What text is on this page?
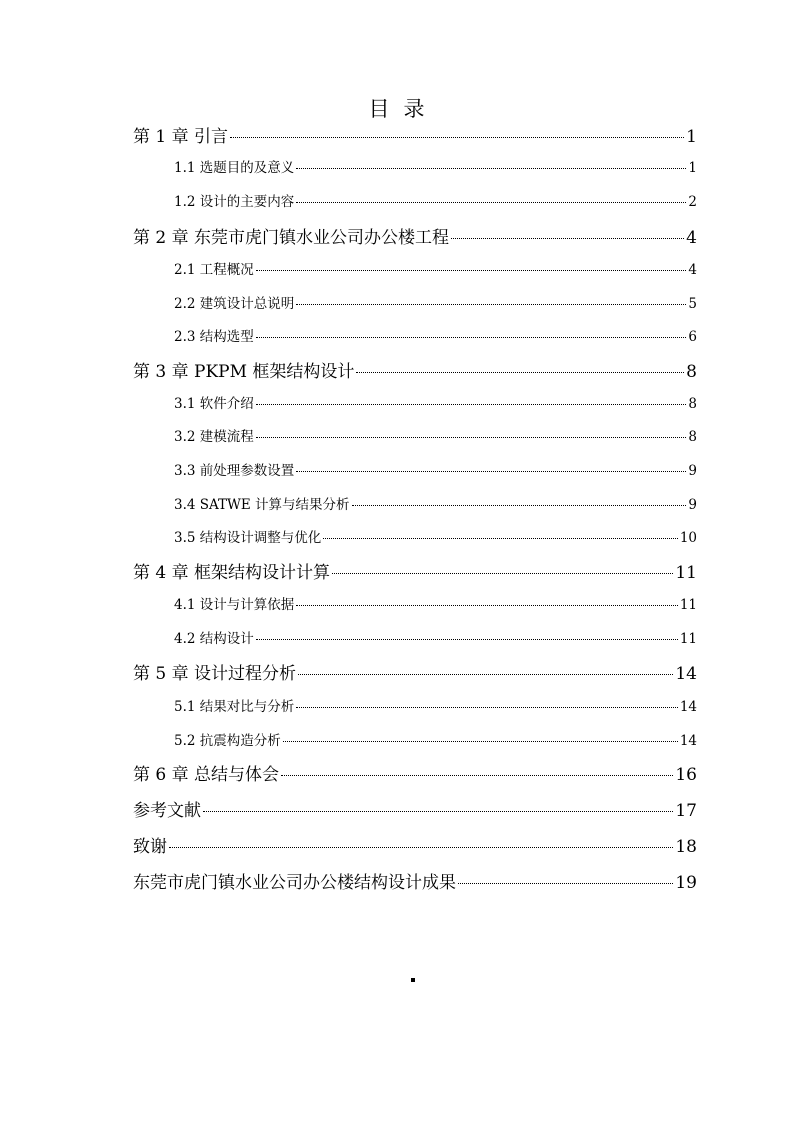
目录
第 1 章 引言	1
1.1 选题目的及意义	1
1.2 设计的主要内容	2
第 2 章 东莞市虎门镇水业公司办公楼工程	4
2.1 工程概况	4
2.2 建筑设计总说明	5
2.3 结构选型	6
第 3 章 PKPM 框架结构设计	8
3.1 软件介绍	8
3.2 建模流程	8
3.3 前处理参数设置	9
3.4 SATWE 计算与结果分析	9
3.5 结构设计调整与优化	10
第 4 章 框架结构设计计算	11
4.1 设计与计算依据	11
4.2 结构设计	11
第 5 章 设计过程分析	14
5.1 结果对比与分析	14
5.2 抗震构造分析	14
第 6 章 总结与体会	16
参考文献	17
致谢	18
东莞市虎门镇水业公司办公楼结构设计成果	19
